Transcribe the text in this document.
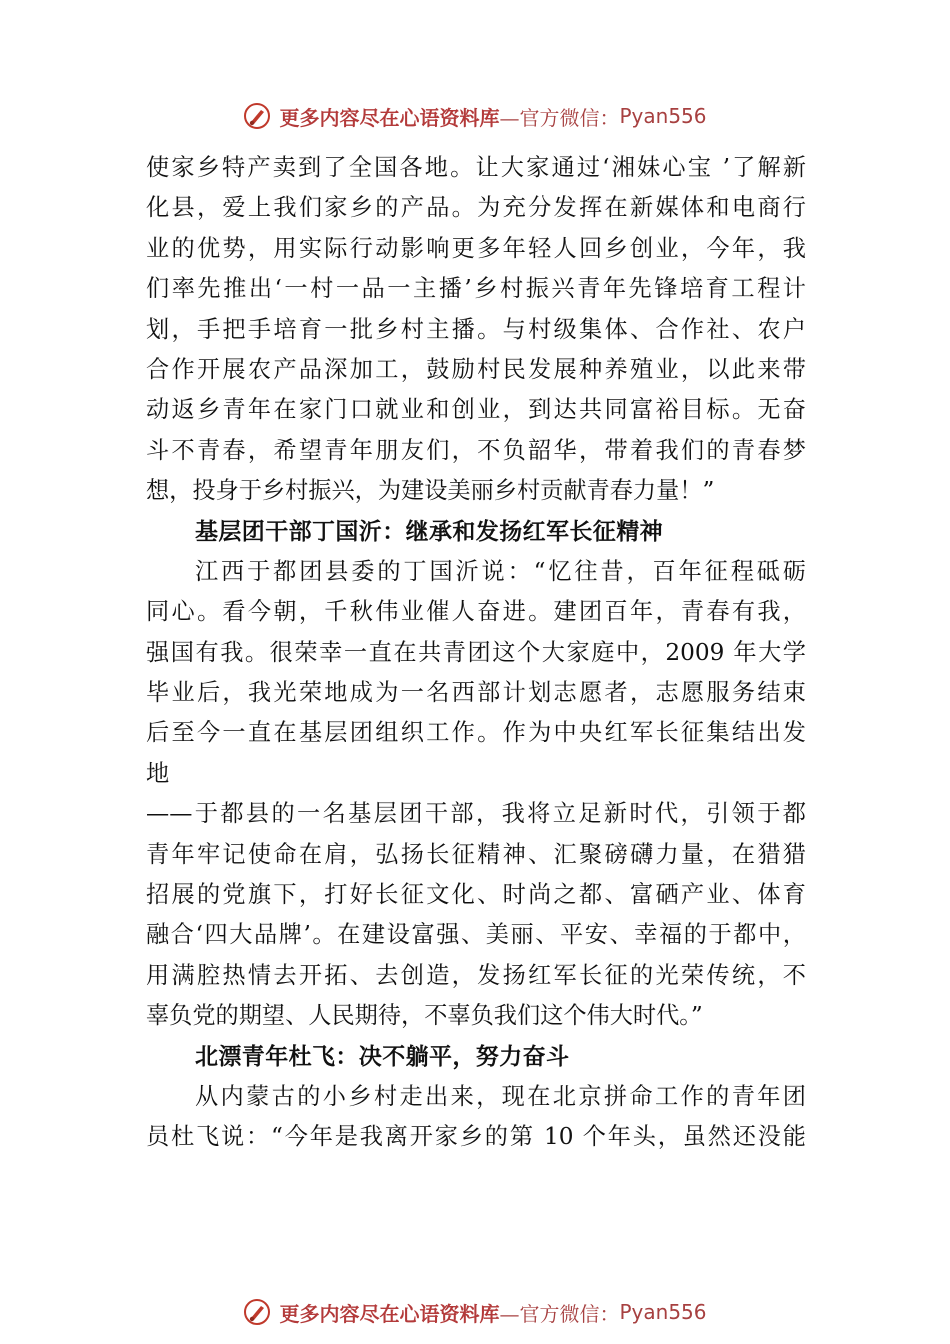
更多内容尽在心语资料库 —官方微信： Pyan556
使家乡特产卖到了全国各地。让大家通过‘湘妹心宝 ’了解新
化县，爱上我们家乡的产品。为充分发挥在新媒体和电商行
业的优势，用实际行动影响更多年轻人回乡创业，今年，我
们率先推出‘一村一品一主播’乡村振兴青年先锋培育工程计
划，手把手培育一批乡村主播。与村级集体、合作社、农户
合作开展农产品深加工，鼓励村民发展种养殖业，以此来带
动返乡青年在家门口就业和创业，到达共同富裕目标。无奋
斗不青春，希望青年朋友们，不负韶华，带着我们的青春梦
想，投身于乡村振兴，为建设美丽乡村贡献青春力量！”
基层团干部丁国沂：继承和发扬红军长征精神
江西于都团县委的丁国沂说：“忆往昔，百年征程砥砺
同心。看今朝，千秋伟业催人奋进。建团百年，青春有我，
强国有我。很荣幸一直在共青团这个大家庭中，2009 年大学
毕业后，我光荣地成为一名西部计划志愿者，志愿服务结束
后至今一直在基层团组织工作。作为中央红军长征集结出发
地
——于都县的一名基层团干部，我将立足新时代，引领于都
青年牢记使命在肩，弘扬长征精神、汇聚磅礴力量，在猎猎
招展的党旗下，打好长征文化、时尚之都、富硒产业、体育
融合‘四大品牌’。在建设富强、美丽、平安、幸福的于都中，
用满腔热情去开拓、去创造，发扬红军长征的光荣传统，不
辜负党的期望、人民期待，不辜负我们这个伟大时代。”
北漂青年杜飞：决不躺平，努力奋斗
从内蒙古的小乡村走出来，现在北京拼命工作的青年团
员杜飞说：“今年是我离开家乡的第 10 个年头，虽然还没能
更多内容尽在心语资料库 —官方微信： Pyan556
